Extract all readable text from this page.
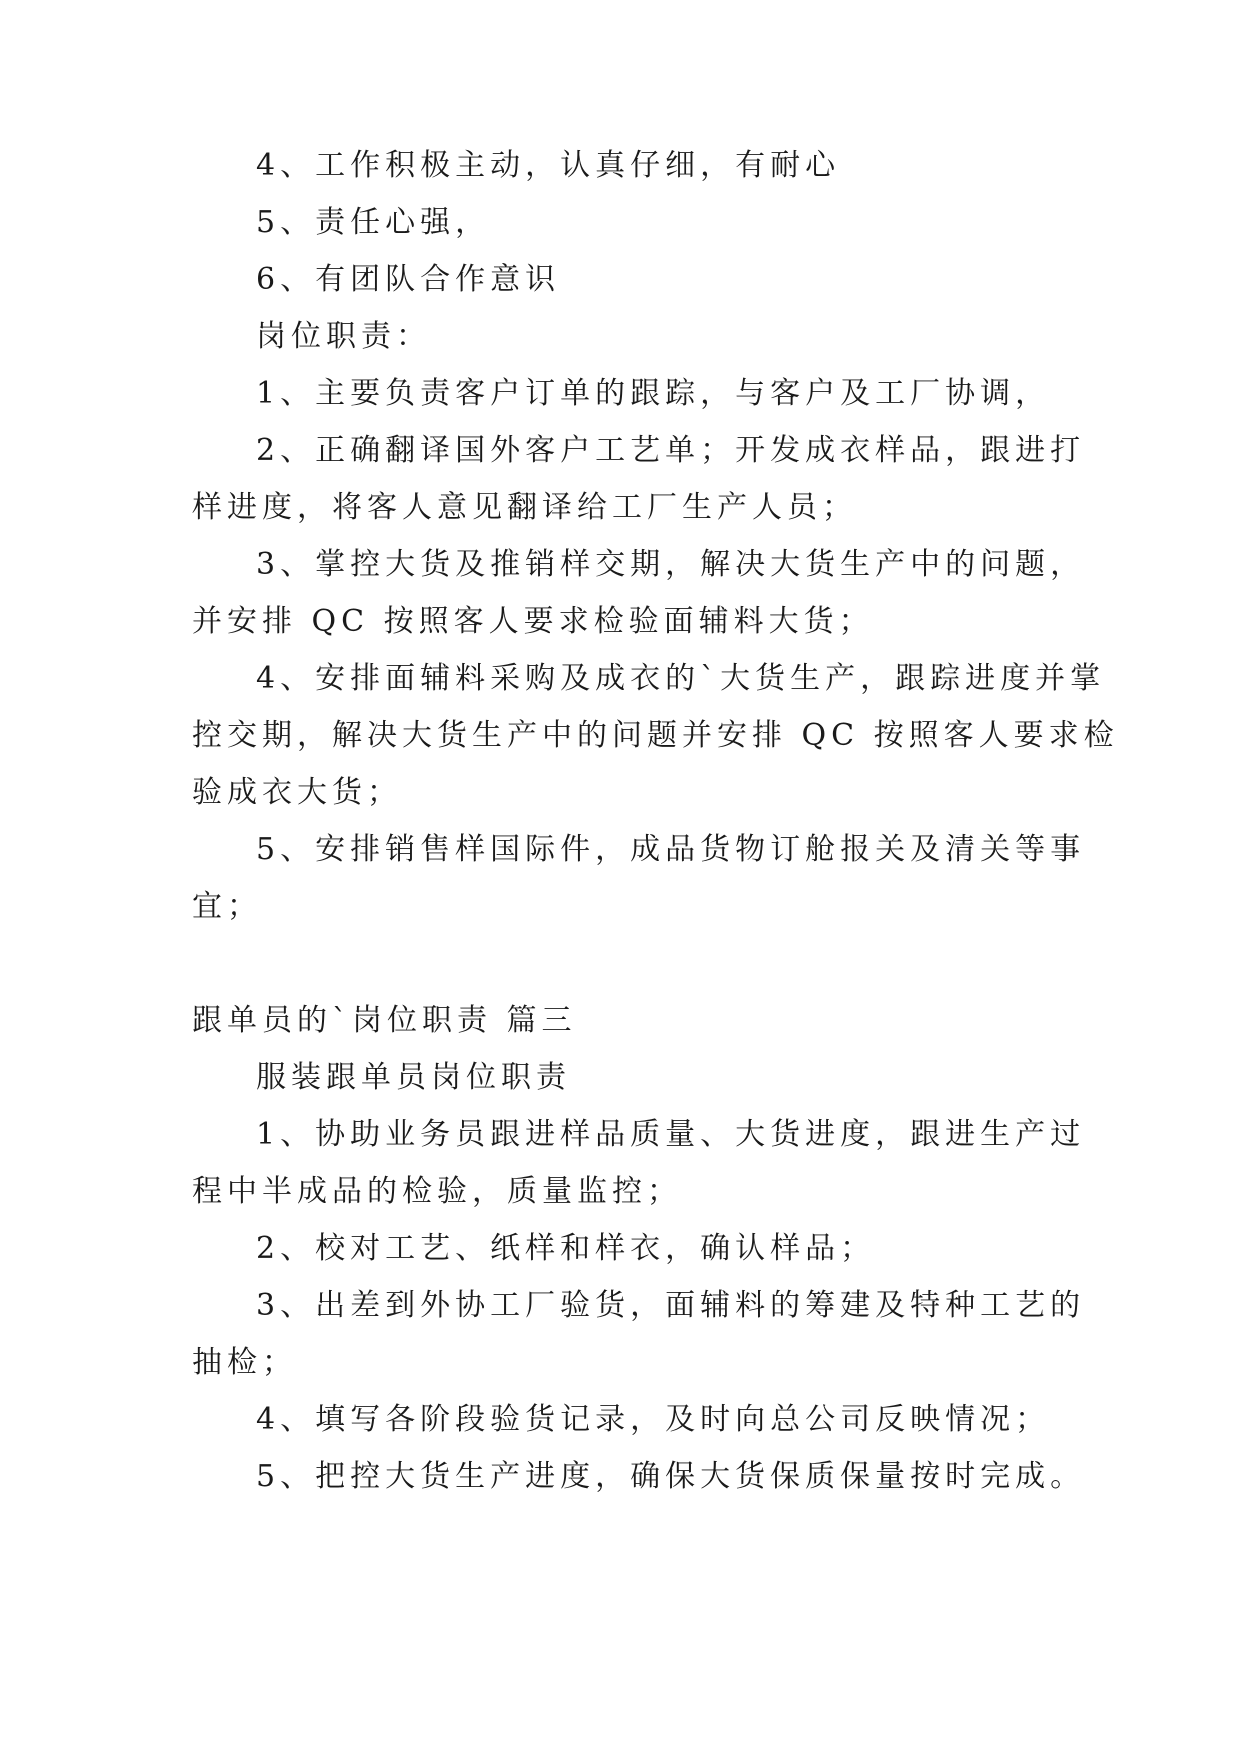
4、工作积极主动，认真仔细，有耐心
5、责任心强，
6、有团队合作意识
岗位职责：
1、主要负责客户订单的跟踪，与客户及工厂协调，
2、正确翻译国外客户工艺单；开发成衣样品，跟进打
样进度，将客人意见翻译给工厂生产人员；
3、掌控大货及推销样交期，解决大货生产中的问题，
并安排 QC 按照客人要求检验面辅料大货；
4、安排面辅料采购及成衣的`大货生产，跟踪进度并掌
控交期，解决大货生产中的问题并安排 QC 按照客人要求检
验成衣大货；
5、安排销售样国际件，成品货物订舱报关及清关等事
宜；
跟单员的`岗位职责 篇三
服装跟单员岗位职责
1、协助业务员跟进样品质量、大货进度，跟进生产过
程中半成品的检验，质量监控；
2、校对工艺、纸样和样衣，确认样品；
3、出差到外协工厂验货，面辅料的筹建及特种工艺的
抽检；
4、填写各阶段验货记录，及时向总公司反映情况；
5、把控大货生产进度，确保大货保质保量按时完成。
